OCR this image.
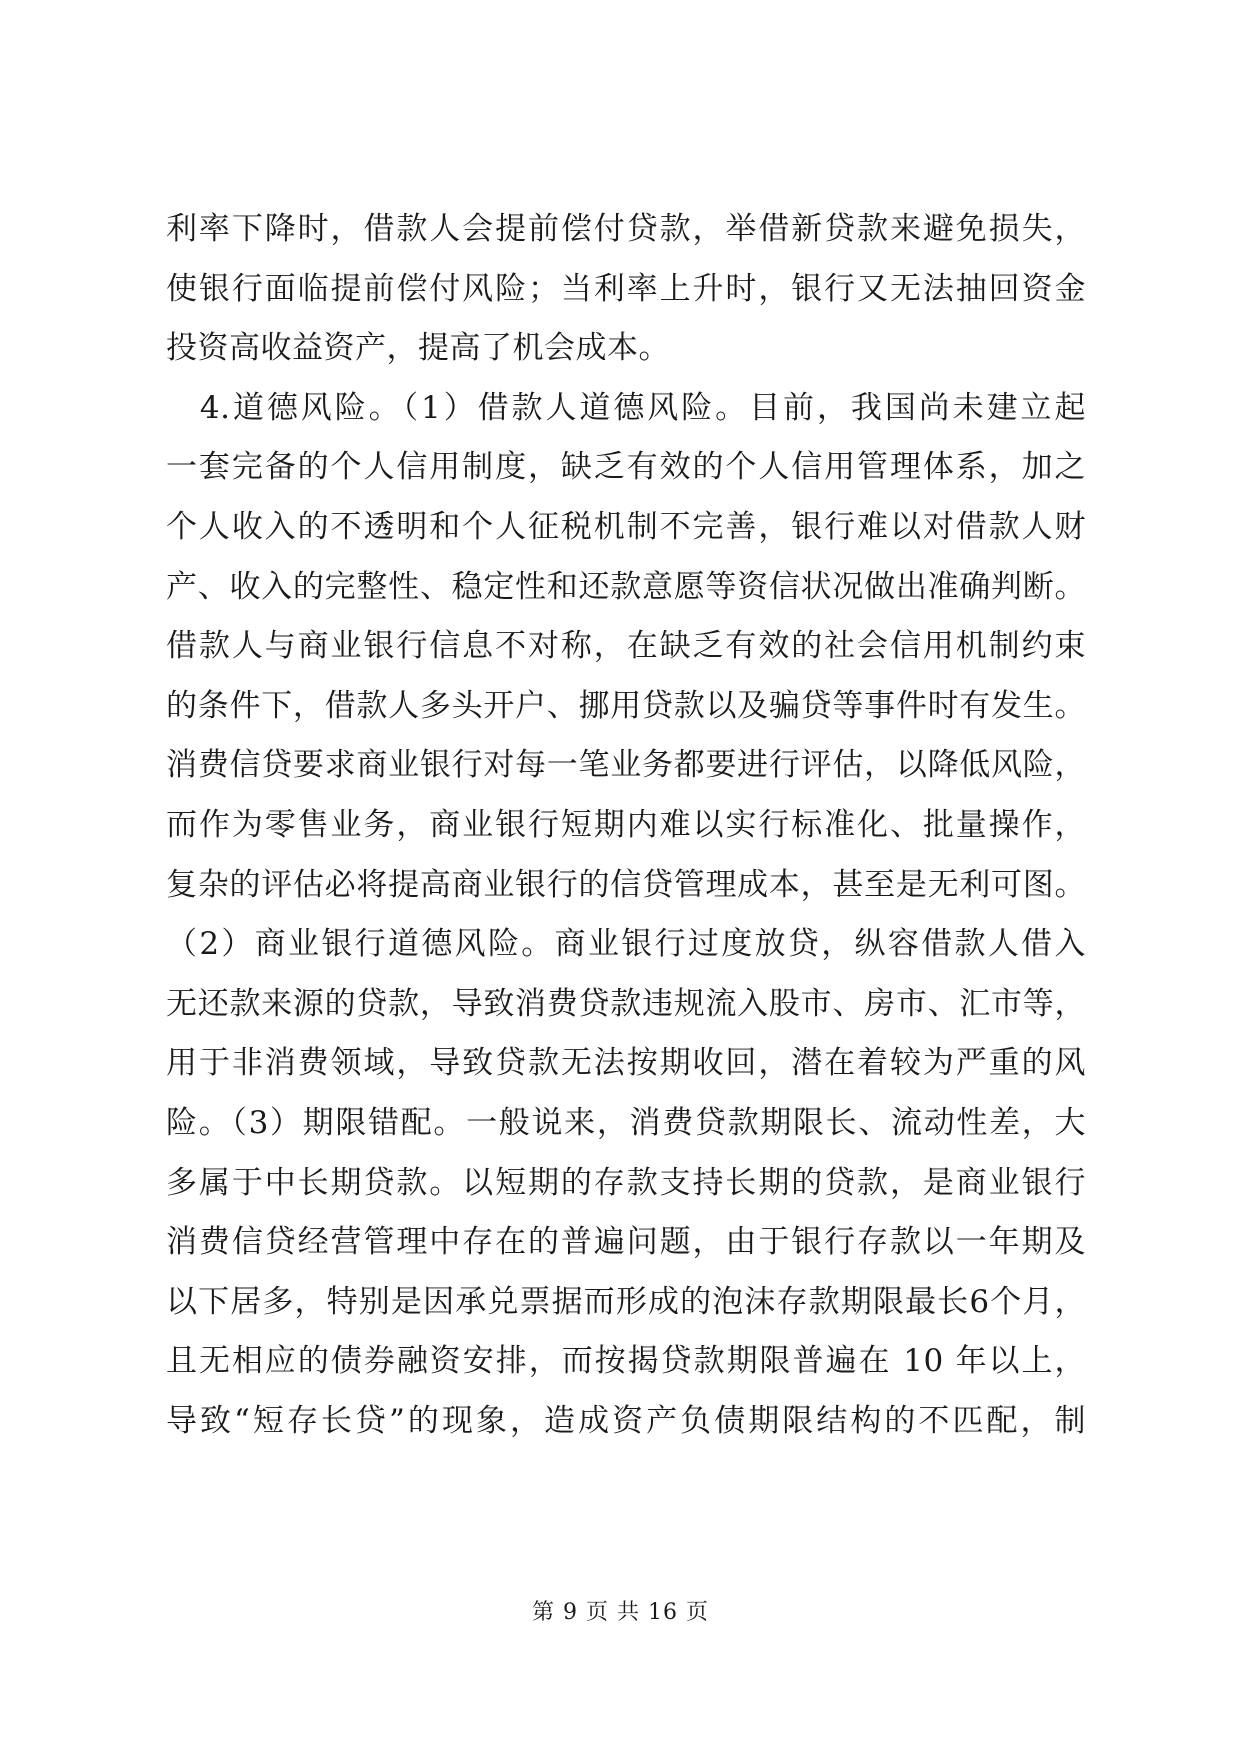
利率下降时，借款人会提前偿付贷款，举借新贷款来避免损失，
使银行面临提前偿付风险；当利率上升时，银行又无法抽回资金
投资高收益资产，提高了机会成本。
　4.道德风险。（1）借款人道德风险。目前，我国尚未建立起
一套完备的个人信用制度，缺乏有效的个人信用管理体系，加之
个人收入的不透明和个人征税机制不完善，银行难以对借款人财
产、收入的完整性、稳定性和还款意愿等资信状况做出准确判断。
借款人与商业银行信息不对称，在缺乏有效的社会信用机制约束
的条件下，借款人多头开户、挪用贷款以及骗贷等事件时有发生。
消费信贷要求商业银行对每一笔业务都要进行评估，以降低风险，
而作为零售业务，商业银行短期内难以实行标准化、批量操作，
复杂的评估必将提高商业银行的信贷管理成本，甚至是无利可图。
（2）商业银行道德风险。商业银行过度放贷，纵容借款人借入
无还款来源的贷款，导致消费贷款违规流入股市、房市、汇市等，
用于非消费领域，导致贷款无法按期收回，潜在着较为严重的风
险。（3）期限错配。一般说来，消费贷款期限长、流动性差，大
多属于中长期贷款。以短期的存款支持长期的贷款，是商业银行
消费信贷经营管理中存在的普遍问题，由于银行存款以一年期及
以下居多，特别是因承兑票据而形成的泡沫存款期限最长6个月，
且无相应的债券融资安排，而按揭贷款期限普遍在 10 年以上，
导致“短存长贷”的现象，造成资产负债期限结构的不匹配，制
第 9 页 共 16 页
